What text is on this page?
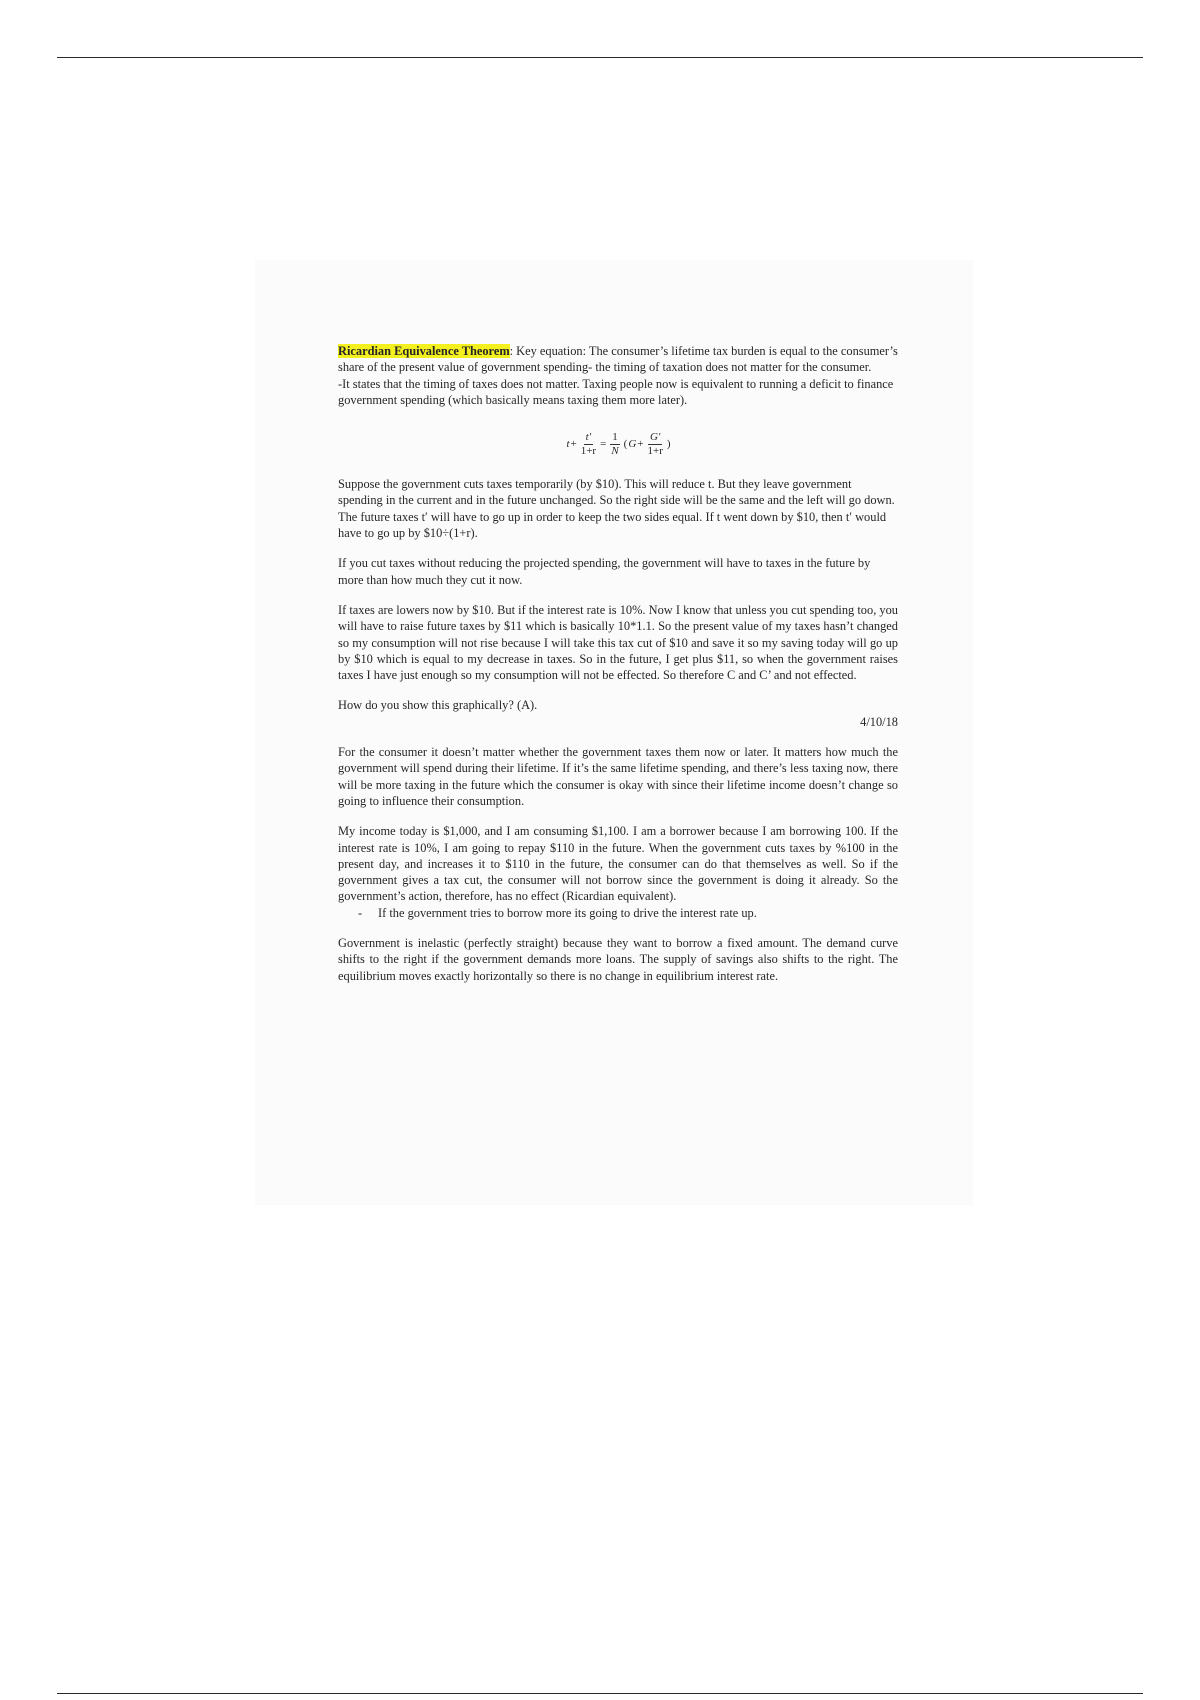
Ricardian Equivalence Theorem: Key equation: The consumer’s lifetime tax burden is equal to the consumer’s share of the present value of government spending- the timing of taxation does not matter for the consumer.

-It states that the timing of taxes does not matter. Taxing people now is equivalent to running a deficit to finance government spending (which basically means taxing them more later).

$t + \frac{t'}{1+r} = \frac{1}{N}$ ( $G + \frac{G'}{1+r}$ )

Suppose the government cuts taxes temporarily (by $10). This will reduce t. But they leave government spending in the current and in the future unchanged. So the right side will be the same and the left will go down. The future taxes t′ will have to go up in order to keep the two sides equal. If t went down by $10, then t′ would have to go up by $10÷(1+r).

If you cut taxes without reducing the projected spending, the government will have to taxes in the future by more than how much they cut it now.

If taxes are lowers now by $10. But if the interest rate is 10%. Now I know that unless you cut spending too, you will have to raise future taxes by $11 which is basically 10*1.1. So the present value of my taxes hasn’t changed so my consumption will not rise because I will take this tax cut of $10 and save it so my saving today will go up by $10 which is equal to my decrease in taxes. So in the future, I get plus $11, so when the government raises taxes I have just enough so my consumption will not be effected. So therefore C and C’ and not effected.

How do you show this graphically? (A).

4/10/18

For the consumer it doesn’t matter whether the government taxes them now or later. It matters how much the government will spend during their lifetime. If it’s the same lifetime spending, and there’s less taxing now, there will be more taxing in the future which the consumer is okay with since their lifetime income doesn’t change so going to influence their consumption.

My income today is $1,000, and I am consuming $1,100. I am a borrower because I am borrowing 100. If the interest rate is 10%, I am going to repay $110 in the future. When the government cuts taxes by %100 in the present day, and increases it to $110 in the future, the consumer can do that themselves as well. So if the government gives a tax cut, the consumer will not borrow since the government is doing it already. So the government’s action, therefore, has no effect (Ricardian equivalent).

-	If the government tries to borrow more its going to drive the interest rate up.

Government is inelastic (perfectly straight) because they want to borrow a fixed amount. The demand curve shifts to the right if the government demands more loans. The supply of savings also shifts to the right. The equilibrium moves exactly horizontally so there is no change in equilibrium interest rate.
